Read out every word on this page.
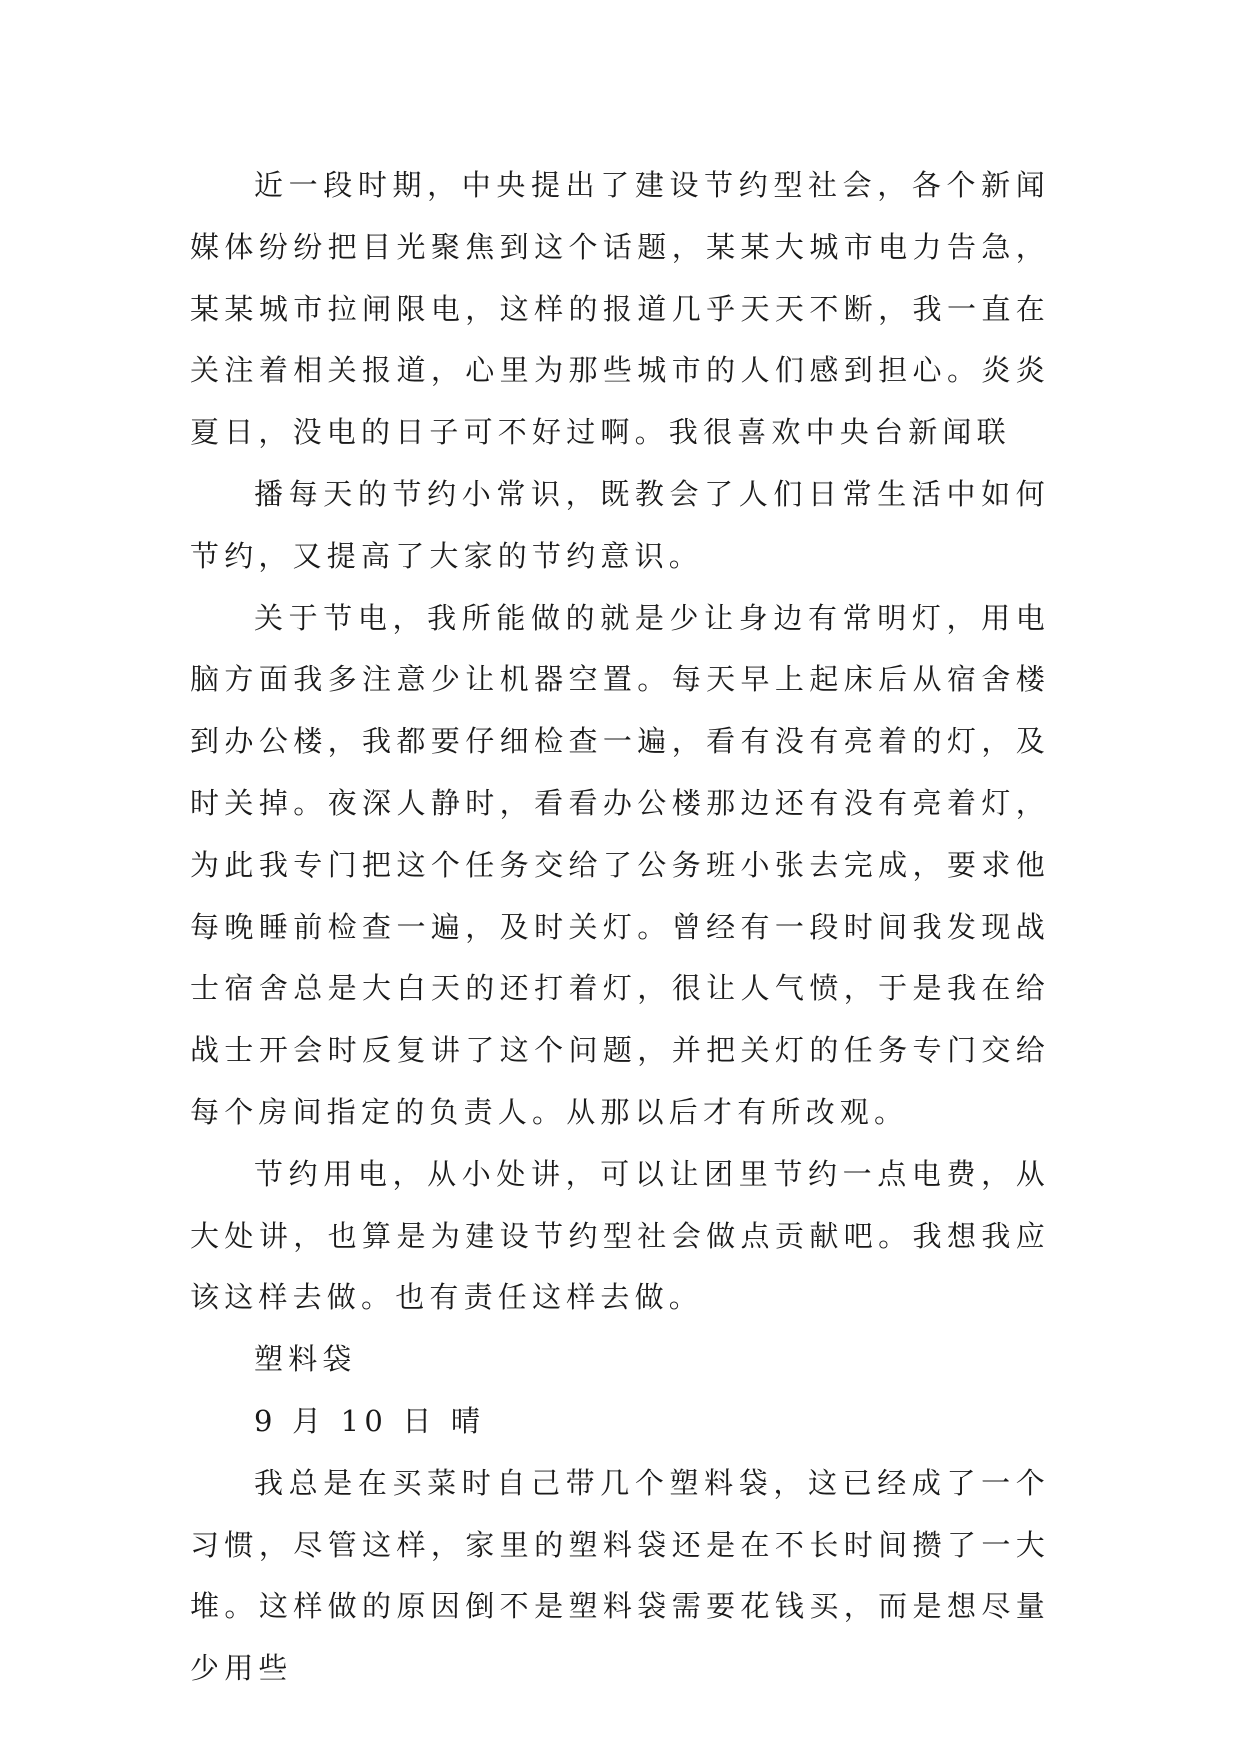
近一段时期，中央提出了建设节约型社会，各个新闻媒体纷纷把目光聚焦到这个话题，某某大城市电力告急，某某城市拉闸限电，这样的报道几乎天天不断，我一直在关注着相关报道，心里为那些城市的人们感到担心。炎炎夏日，没电的日子可不好过啊。我很喜欢中央台新闻联

播每天的节约小常识，既教会了人们日常生活中如何节约，又提高了大家的节约意识。

关于节电，我所能做的就是少让身边有常明灯，用电脑方面我多注意少让机器空置。每天早上起床后从宿舍楼到办公楼，我都要仔细检查一遍，看有没有亮着的灯，及时关掉。夜深人静时，看看办公楼那边还有没有亮着灯，为此我专门把这个任务交给了公务班小张去完成，要求他每晚睡前检查一遍，及时关灯。曾经有一段时间我发现战士宿舍总是大白天的还打着灯，很让人气愤，于是我在给战士开会时反复讲了这个问题，并把关灯的任务专门交给每个房间指定的负责人。从那以后才有所改观。

节约用电，从小处讲，可以让团里节约一点电费，从大处讲，也算是为建设节约型社会做点贡献吧。我想我应该这样去做。也有责任这样去做。

塑料袋

9 月 10 日 晴

我总是在买菜时自己带几个塑料袋，这已经成了一个习惯，尽管这样，家里的塑料袋还是在不长时间攒了一大堆。这样做的原因倒不是塑料袋需要花钱买，而是想尽量少用些
